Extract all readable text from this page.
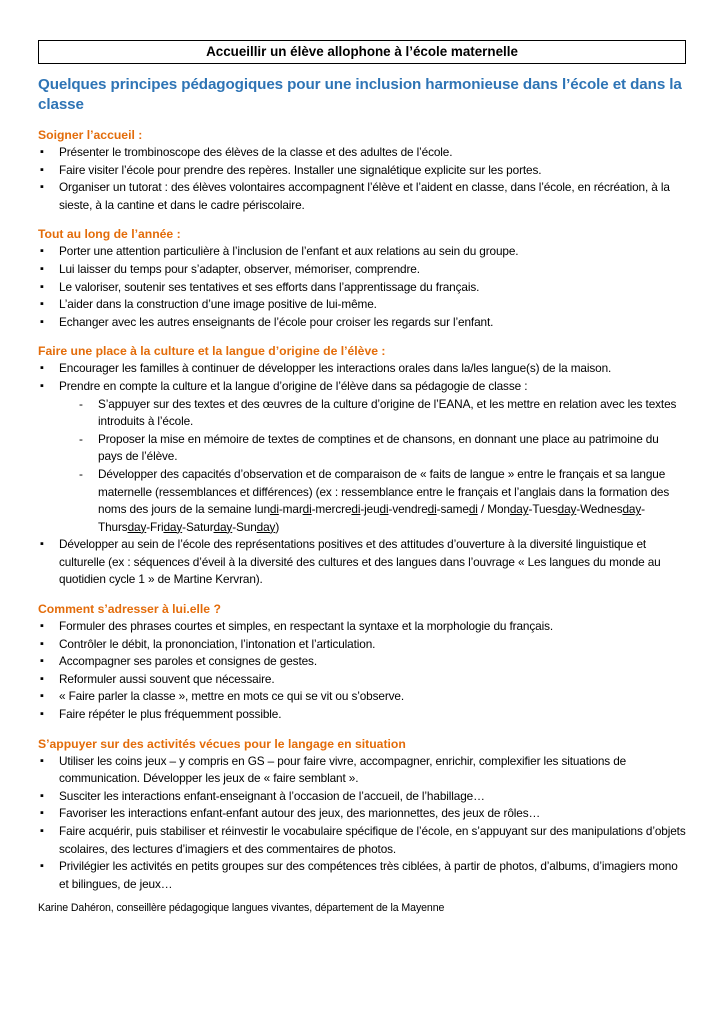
Accueillir un élève allophone à l’école maternelle
Quelques principes pédagogiques pour une inclusion harmonieuse dans l’école et dans la classe
Soigner l’accueil :
▪ Présenter le trombinoscope des élèves de la classe et des adultes de l’école.
▪ Faire visiter l’école pour prendre des repères. Installer une signalétique explicite sur les portes.
▪ Organiser un tutorat : des élèves volontaires accompagnent l’élève et l’aident en classe, dans l’école, en récréation, à la sieste, à la cantine et dans le cadre périscolaire.
Tout au long de l’année :
▪ Porter une attention particulière à l’inclusion de l’enfant et aux relations au sein du groupe.
▪ Lui laisser du temps pour s’adapter, observer, mémoriser, comprendre.
▪ Le valoriser, soutenir ses tentatives et ses efforts dans l’apprentissage du français.
▪ L’aider dans la construction d’une image positive de lui-même.
▪ Echanger avec les autres enseignants de l’école pour croiser les regards sur l’enfant.
Faire une place à la culture et la langue d’origine de l’élève :
▪ Encourager les familles à continuer de développer les interactions orales dans la/les langue(s) de la maison.
▪ Prendre en compte la culture et la langue d’origine de l’élève dans sa pédagogie de classe :
- S’appuyer sur des textes et des œuvres de la culture d’origine de l’EANA, et les mettre en relation avec les textes introduits à l’école.
- Proposer la mise en mémoire de textes de comptines et de chansons, en donnant une place au patrimoine du pays de l’élève.
- Développer des capacités d’observation et de comparaison de « faits de langue » entre le français et sa langue maternelle (ressemblances et différences) (ex : ressemblance entre le français et l’anglais dans la formation des noms des jours de la semaine lundi-mardi-mercredi-jeudi-vendredi-samedi / Monday-Tuesday-Wednesday-Thursday-Friday-Saturday-Sunday)
▪ Développer au sein de l’école des représentations positives et des attitudes d’ouverture à la diversité linguistique et culturelle (ex : séquences d’éveil à la diversité des cultures et des langues dans l’ouvrage « Les langues du monde au quotidien cycle 1 » de Martine Kervran).
Comment s’adresser à lui.elle ?
▪ Formuler des phrases courtes et simples, en respectant la syntaxe et la morphologie du français.
▪ Contrôler le débit, la prononciation, l’intonation et l’articulation.
▪ Accompagner ses paroles et consignes de gestes.
▪ Reformuler aussi souvent que nécessaire.
▪ « Faire parler la classe », mettre en mots ce qui se vit ou s’observe.
▪ Faire répéter le plus fréquemment possible.
S’appuyer sur des activités vécues pour le langage en situation
▪ Utiliser les coins jeux – y compris en GS – pour faire vivre, accompagner, enrichir, complexifier les situations de communication. Développer les jeux de « faire semblant ».
▪ Susciter les interactions enfant-enseignant à l’occasion de l’accueil, de l’habillage…
▪ Favoriser les interactions enfant-enfant autour des jeux, des marionnettes, des jeux de rôles…
▪ Faire acquérir, puis stabiliser et réinvestir le vocabulaire spécifique de l’école, en s’appuyant sur des manipulations d’objets scolaires, des lectures d’imagiers et des commentaires de photos.
▪ Privilégier les activités en petits groupes sur des compétences très ciblées, à partir de photos, d’albums, d’imagiers mono et bilingues, de jeux…
Karine Dahéron, conseillère pédagogique langues vivantes, département de la Mayenne
